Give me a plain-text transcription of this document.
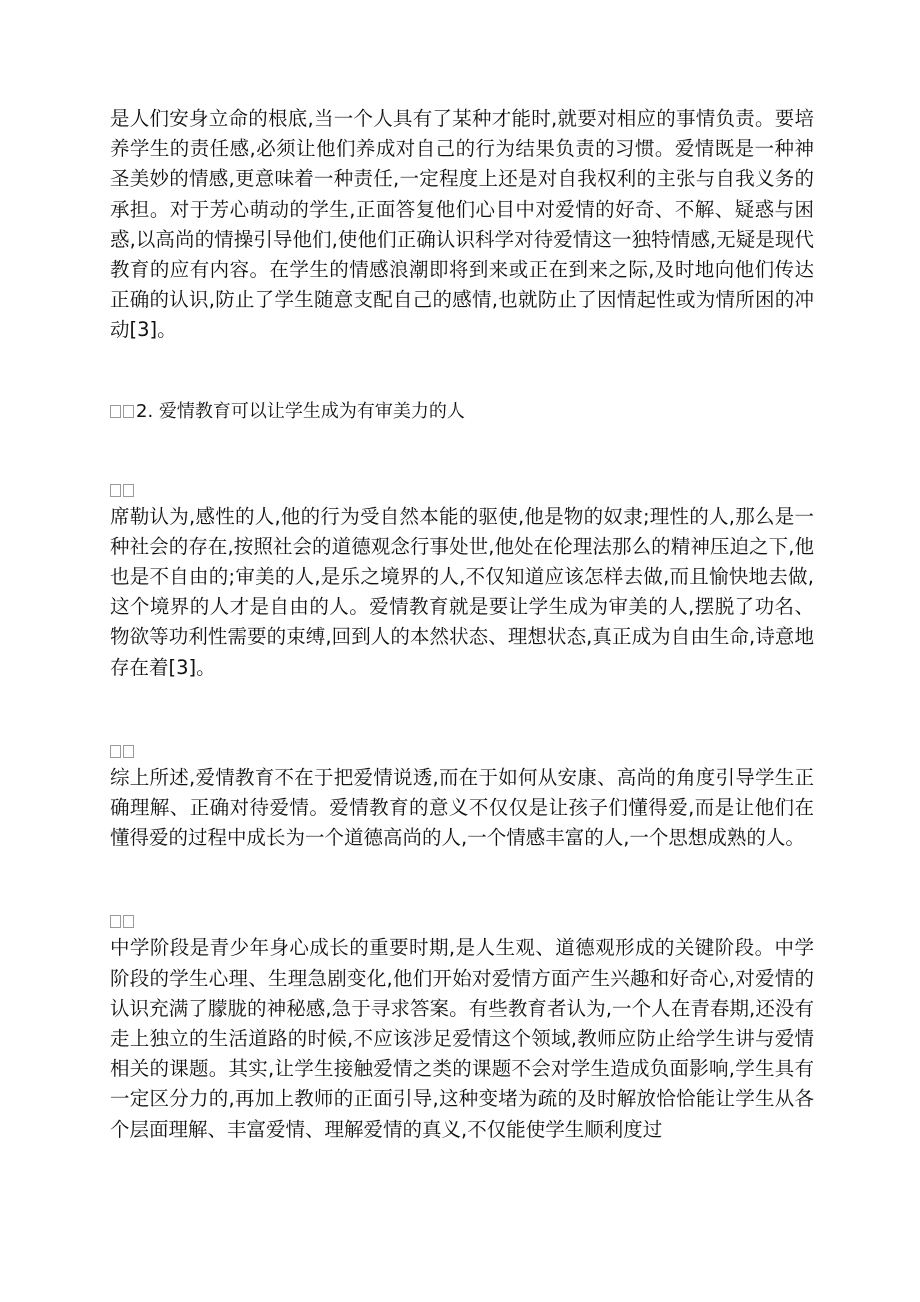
是人们安身立命的根底,当一个人具有了某种才能时,就要对相应的事情负责。要培养学生的责任感,必须让他们养成对自己的行为结果负责的习惯。爱情既是一种神圣美妙的情感,更意味着一种责任,一定程度上还是对自我权利的主张与自我义务的承担。对于芳心萌动的学生,正面答复他们心目中对爱情的好奇、不解、疑惑与困惑,以高尚的情操引导他们,使他们正确认识科学对待爱情这一独特情感,无疑是现代教育的应有内容。在学生的情感浪潮即将到来或正在到来之际,及时地向他们传达正确的认识,防止了学生随意支配自己的感情,也就防止了因情起性或为情所困的冲动[3]。

2. 爱情教育可以让学生成为有审美力的人

席勒认为,感性的人,他的行为受自然本能的驱使,他是物的奴隶;理性的人,那么是一种社会的存在,按照社会的道德观念行事处世,他处在伦理法那么的精神压迫之下,他也是不自由的;审美的人,是乐之境界的人,不仅知道应该怎样去做,而且愉快地去做,这个境界的人才是自由的人。爱情教育就是要让学生成为审美的人,摆脱了功名、物欲等功利性需要的束缚,回到人的本然状态、理想状态,真正成为自由生命,诗意地存在着[3]。

综上所述,爱情教育不在于把爱情说透,而在于如何从安康、高尚的角度引导学生正确理解、正确对待爱情。爱情教育的意义不仅仅是让孩子们懂得爱,而是让他们在懂得爱的过程中成长为一个道德高尚的人,一个情感丰富的人,一个思想成熟的人。

中学阶段是青少年身心成长的重要时期,是人生观、道德观形成的关键阶段。中学阶段的学生心理、生理急剧变化,他们开始对爱情方面产生兴趣和好奇心,对爱情的认识充满了朦胧的神秘感,急于寻求答案。有些教育者认为,一个人在青春期,还没有走上独立的生活道路的时候,不应该涉足爱情这个领域,教师应防止给学生讲与爱情相关的课题。其实,让学生接触爱情之类的课题不会对学生造成负面影响,学生具有一定区分力的,再加上教师的正面引导,这种变堵为疏的及时解放恰恰能让学生从各个层面理解、丰富爱情、理解爱情的真义,不仅能使学生顺利度过
